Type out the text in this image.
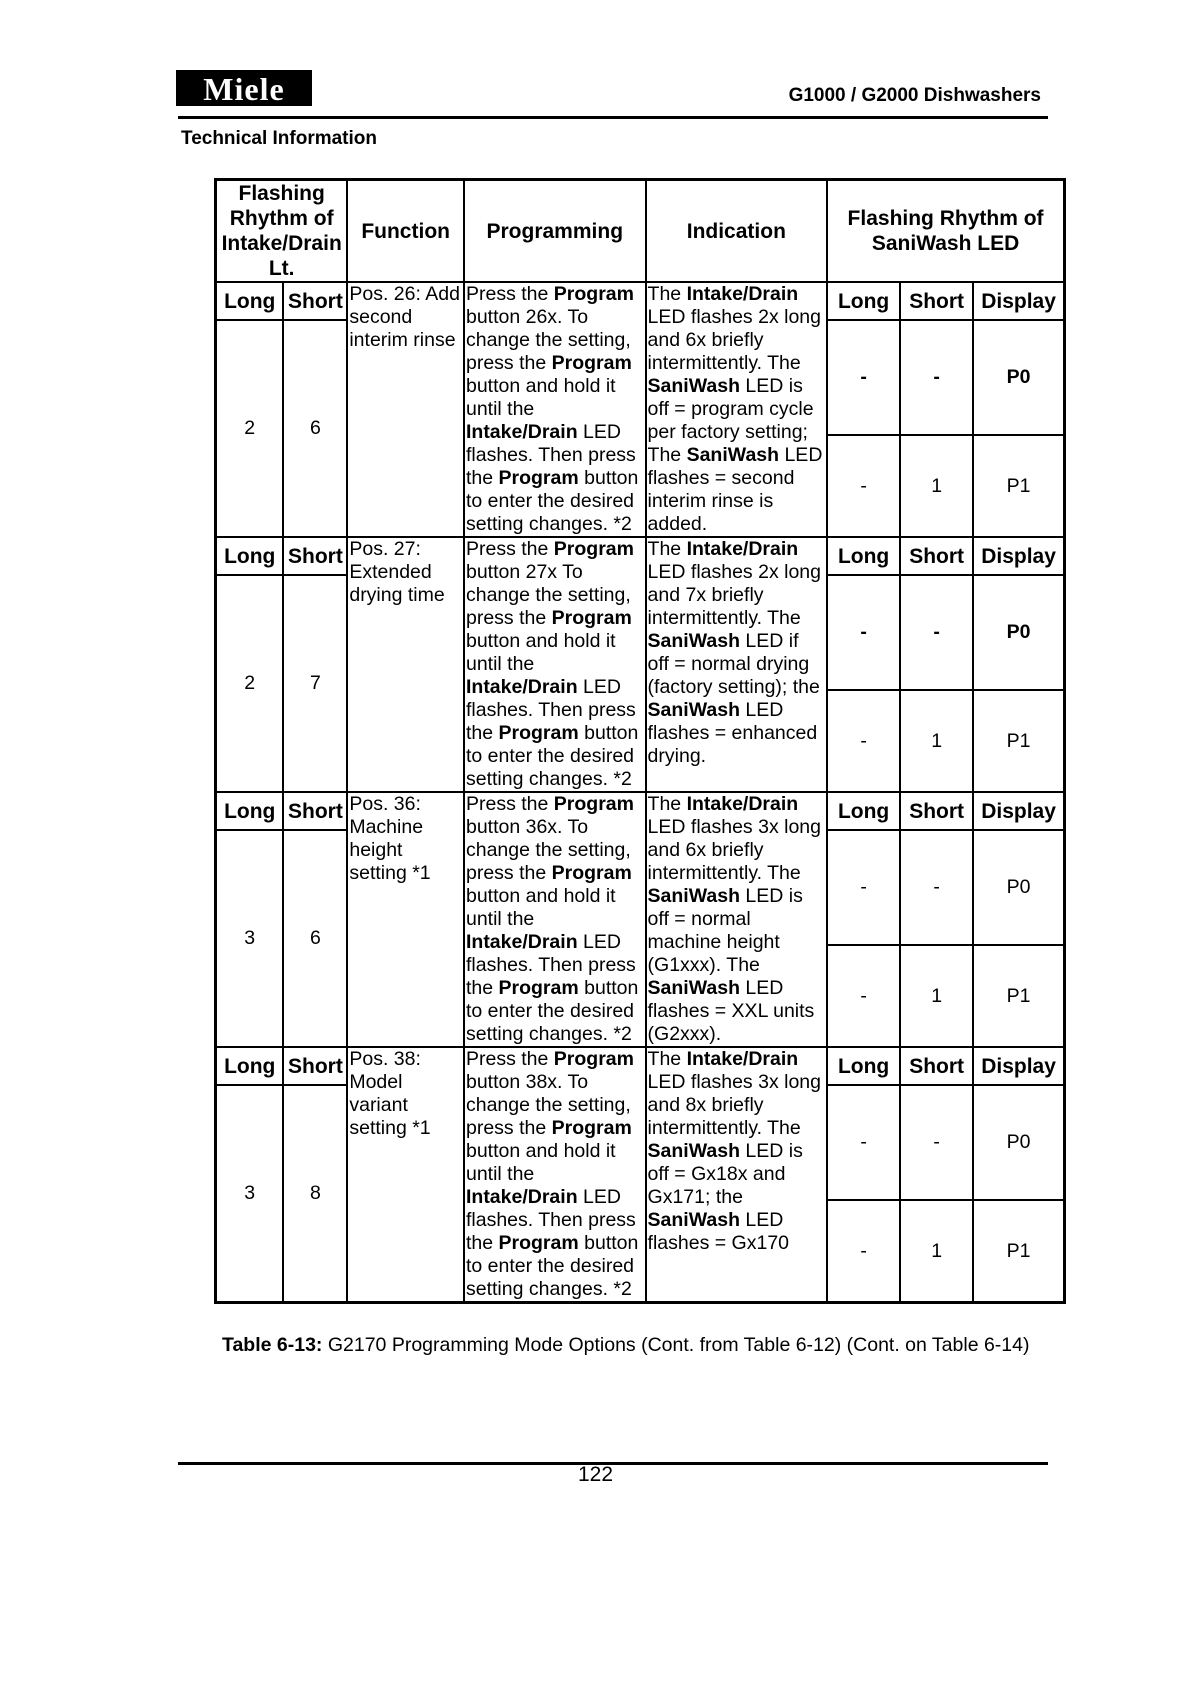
Miele	G1000 / G2000 Dishwashers
Technical Information
Flashing Rhythm of Intake/Drain Lt.		Function	Programming	Indication	Flashing Rhythm of SaniWash LED		
Long	Short	Pos. 26: Add second interim rinse	Press the Program button 26x. To change the setting, press the Program button and hold it until the Intake/Drain LED flashes. Then press the Program button to enter the desired setting changes. *2	The Intake/Drain LED flashes 2x long and 6x briefly intermittently. The SaniWash LED is off = program cycle per factory setting; The SaniWash LED flashes = second interim rinse is added.	Long	Short	Display
2	6				-	-	P0
					-	1	P1
Long	Short	Pos. 27: Extended drying time	Press the Program button 27x To change the setting, press the Program button and hold it until the Intake/Drain LED flashes. Then press the Program button to enter the desired setting changes. *2	The Intake/Drain LED flashes 2x long and 7x briefly intermittently. The SaniWash LED if off = normal drying (factory setting); the SaniWash LED flashes = enhanced drying.	Long	Short	Display
2	7				-	-	P0
					-	1	P1
Long	Short	Pos. 36: Machine height setting *1	Press the Program button 36x. To change the setting, press the Program button and hold it until the Intake/Drain LED flashes. Then press the Program button to enter the desired setting changes. *2	The Intake/Drain LED flashes 3x long and 6x briefly intermittently. The SaniWash LED is off = normal machine height (G1xxx). The SaniWash LED flashes = XXL units (G2xxx).	Long	Short	Display
3	6				-	-	P0
					-	1	P1
Long	Short	Pos. 38: Model variant setting *1	Press the Program button 38x. To change the setting, press the Program button and hold it until the Intake/Drain LED flashes. Then press the Program button to enter the desired setting changes. *2	The Intake/Drain LED flashes 3x long and 8x briefly intermittently. The SaniWash LED is off = Gx18x and Gx171; the SaniWash LED flashes = Gx170	Long	Short	Display
3	8				-	-	P0
					-	1	P1
Table 6-13: G2170 Programming Mode Options (Cont. from Table 6-12) (Cont. on Table 6-14)
122
